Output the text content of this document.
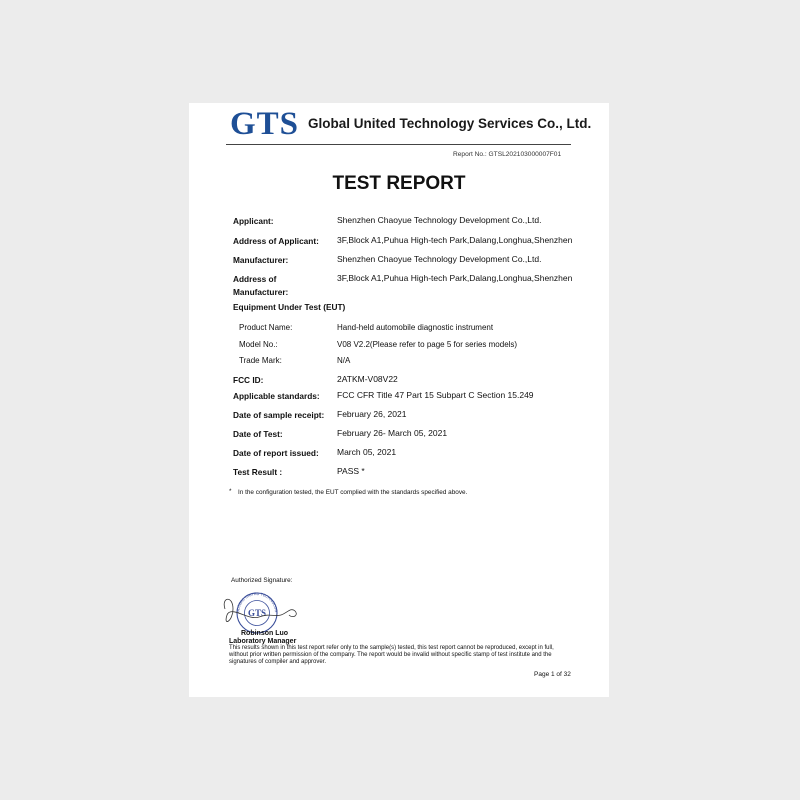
GTS Global United Technology Services Co., Ltd.
Report No.: GTSL202103000007F01
TEST REPORT
Applicant:	Shenzhen Chaoyue Technology Development Co.,Ltd.
Address of Applicant: 3F,Block A1,Puhua High-tech Park,Dalang,Longhua,Shenzhen
Manufacturer:	Shenzhen Chaoyue Technology Development Co.,Ltd.
Address of
Manufacturer:
3F,Block A1,Puhua High-tech Park,Dalang,Longhua,Shenzhen
Equipment Under Test (EUT)
Product Name:	Hand-held automobile diagnostic instrument
Model No.:	V08 V2.2(Please refer to page 5 for series models)
Trade Mark:	N/A
FCC ID:	2ATKM-V08V22
Applicable standards: FCC CFR Title 47 Part 15 Subpart C Section 15.249
Date of sample receipt: February 26, 2021
Date of Test:	February 26- March 05, 2021
Date of report issued: March 05, 2021
Test Result :	PASS *
* In the configuration tested, the EUT complied with the standards specified above.
Authorized Signature:
GLOBAL UNITED TECHNOLOG
GTS
Robinson Luo
Laboratory Manager
This results shown in this test report refer only to the sample(s) tested, this test report cannot be reproduced, except in full, without prior written permission of the company. The report would be invalid without specific stamp of test institute and the signatures of compiler and approver.
Page 1 of 32
